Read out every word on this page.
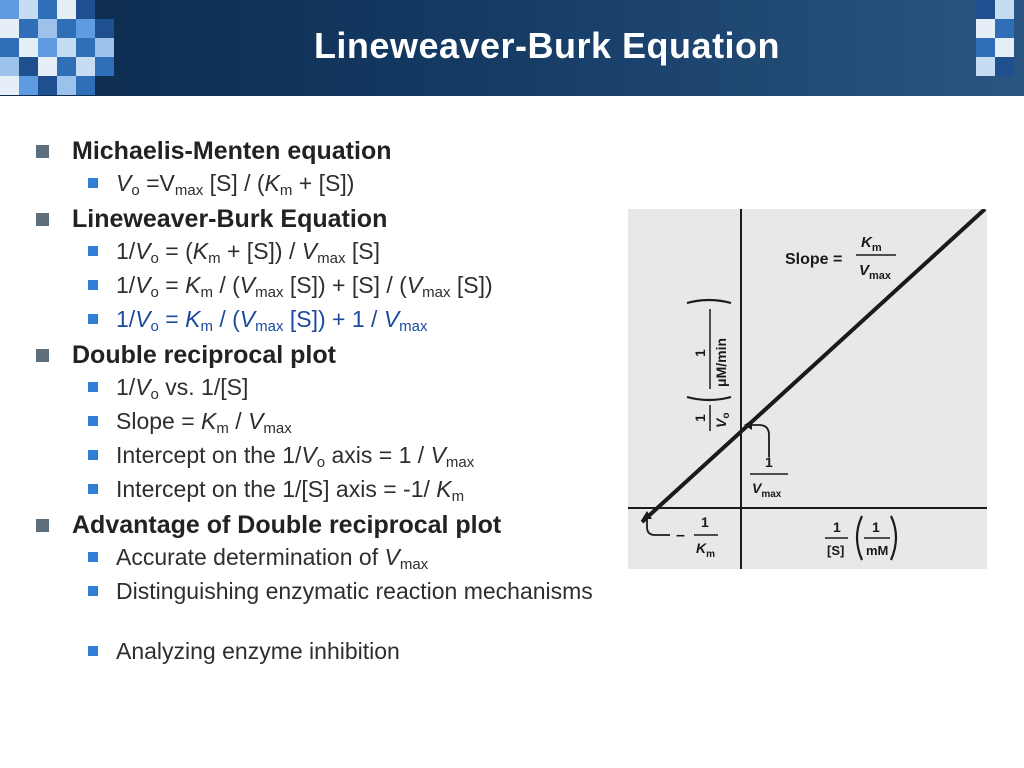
Lineweaver-Burk Equation
Michaelis-Menten equation
$V_o =V_{max}$ $[S] / (K_m + [S])$
Lineweaver-Burk Equation
$1/V_o = (K_m + [S]) / V_{max}$ [S]
$1/V_o = K_m / (V_{max}$ $[S]) + [S] / (V_{max}$ [S])
$1/V_o = K_m / (V_{max}$ $[S]) + 1 / V_{max}$
Double reciprocal plot
$1/V_o$ vs. 1/[S]
Slope = $K_m / V_{max}$
Intercept on the $1/V_o$ axis = $1 / V_{max}$
Intercept on the 1/[S] axis = -1/ $K_m$
Advantage of Double reciprocal plot
Accurate determination of $V_{max}$
Distinguishing enzymatic reaction mechanisms
Analyzing enzyme inhibition
Slope =
$K_m$
$V_{max}$
1
$V_{max}$
–
1
$K_m$
1
[S]
1
mM
1
$V_o$
1 μM/min
